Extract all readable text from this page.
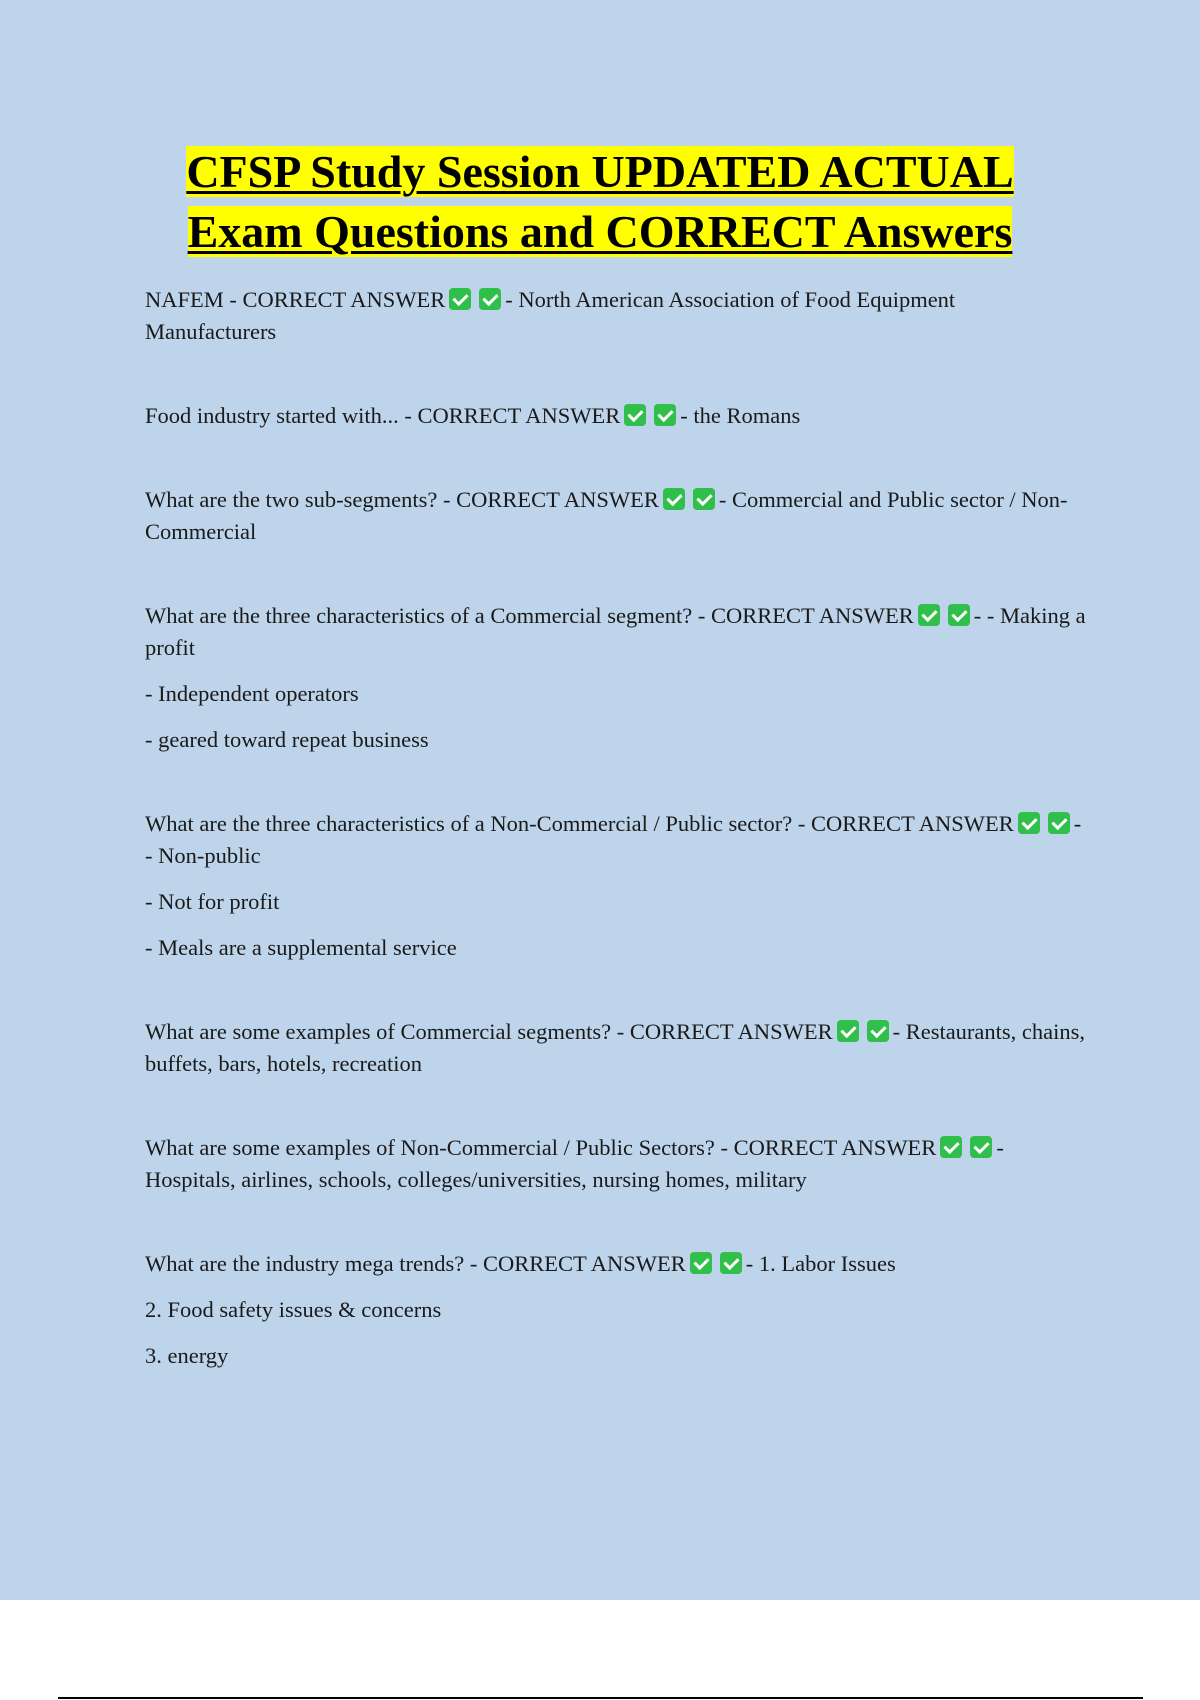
CFSP Study Session UPDATED ACTUAL
Exam Questions and CORRECT Answers

NAFEM - CORRECT ANSWER	- North American Association of Food Equipment Manufacturers

Food industry started with... - CORRECT ANSWER	- the Romans

What are the two sub-segments? - CORRECT ANSWER	- Commercial and Public sector / Non-Commercial

What are the three characteristics of a Commercial segment? - CORRECT ANSWER	- - Making a profit

- Independent operators

- geared toward repeat business

What are the three characteristics of a Non-Commercial / Public sector? - CORRECT ANSWER	- - Non-public

- Not for profit

- Meals are a supplemental service

What are some examples of Commercial segments? - CORRECT ANSWER	- Restaurants, chains, buffets, bars, hotels, recreation

What are some examples of Non-Commercial / Public Sectors? - CORRECT ANSWER	- Hospitals, airlines, schools, colleges/universities, nursing homes, military

What are the industry mega trends? - CORRECT ANSWER	- 1. Labor Issues

2. Food safety issues & concerns

3. energy
